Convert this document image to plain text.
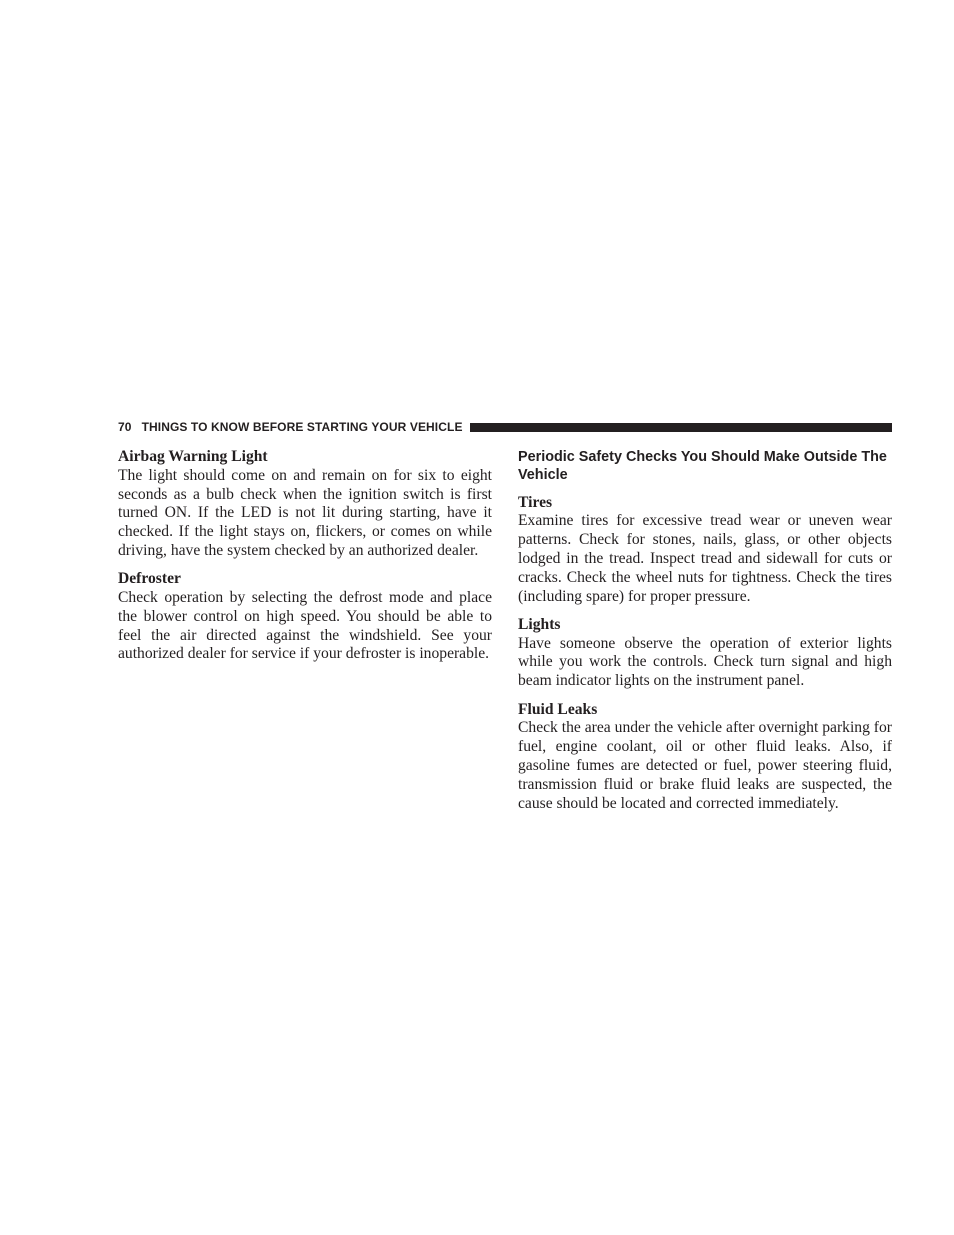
70 THINGS TO KNOW BEFORE STARTING YOUR VEHICLE
Airbag Warning Light

The light should come on and remain on for six to eight seconds as a bulb check when the ignition switch is first turned ON. If the LED is not lit during starting, have it checked. If the light stays on, flickers, or comes on while driving, have the system checked by an authorized dealer.

Defroster

Check operation by selecting the defrost mode and place the blower control on high speed. You should be able to feel the air directed against the windshield. See your authorized dealer for service if your defroster is inoperable.

Periodic Safety Checks You Should Make Outside The Vehicle
Tires

Examine tires for excessive tread wear or uneven wear patterns. Check for stones, nails, glass, or other objects lodged in the tread. Inspect tread and sidewall for cuts or cracks. Check the wheel nuts for tightness. Check the tires (including spare) for proper pressure.

Lights

Have someone observe the operation of exterior lights while you work the controls. Check turn signal and high beam indicator lights on the instrument panel.

Fluid Leaks

Check the area under the vehicle after overnight parking for fuel, engine coolant, oil or other fluid leaks. Also, if gasoline fumes are detected or fuel, power steering fluid, transmission fluid or brake fluid leaks are suspected, the cause should be located and corrected immediately.
